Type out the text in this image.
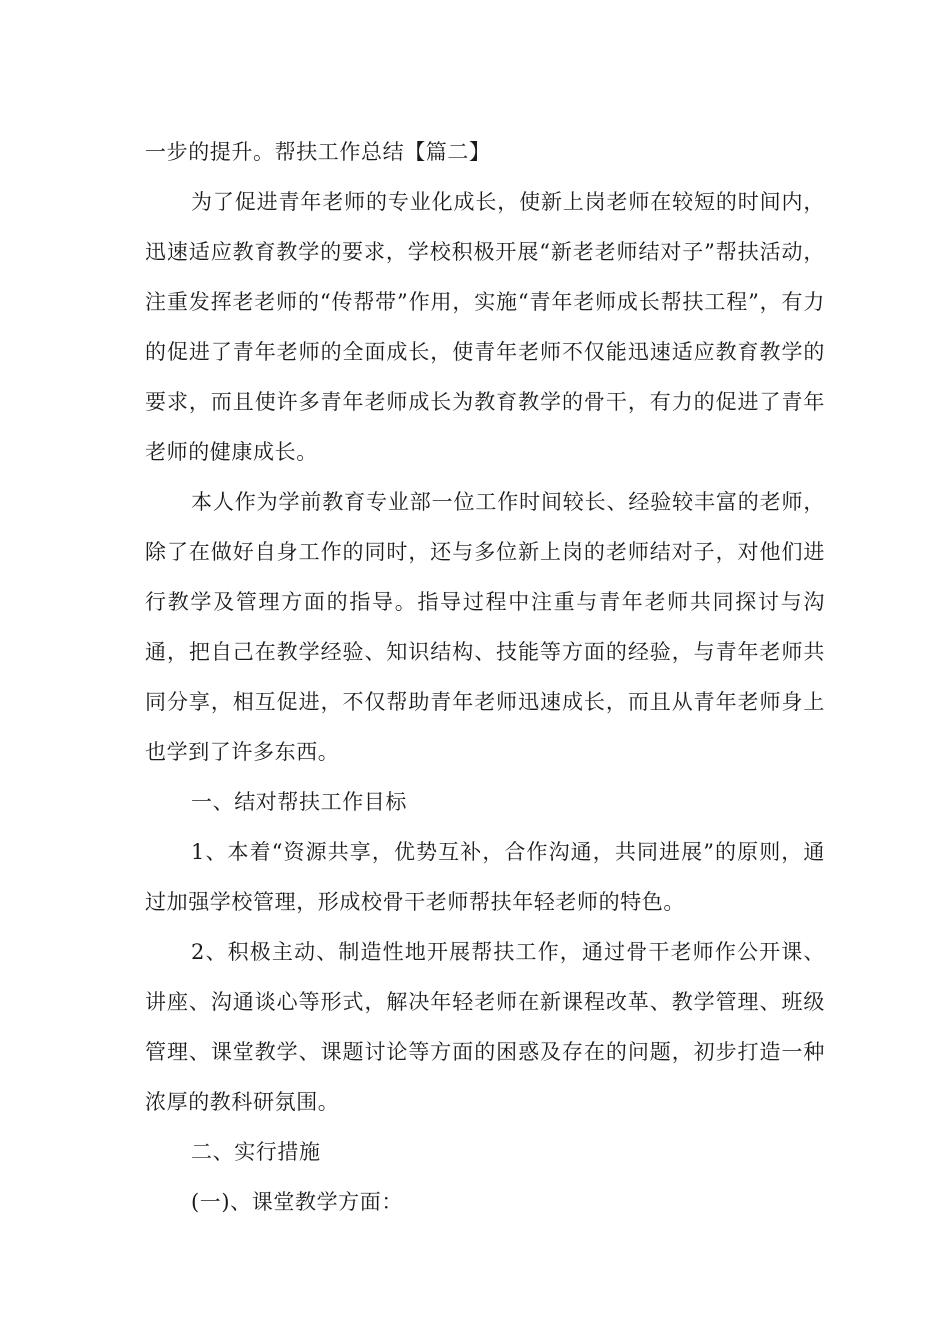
一步的提升。帮扶工作总结【篇二】

为了促进青年老师的专业化成长，使新上岗老师在较短的时间内，迅速适应教育教学的要求，学校积极开展“新老老师结对子”帮扶活动，注重发挥老老师的“传帮带”作用，实施“青年老师成长帮扶工程”，有力的促进了青年老师的全面成长，使青年老师不仅能迅速适应教育教学的要求，而且使许多青年老师成长为教育教学的骨干，有力的促进了青年老师的健康成长。

本人作为学前教育专业部一位工作时间较长、经验较丰富的老师，除了在做好自身工作的同时，还与多位新上岗的老师结对子，对他们进行教学及管理方面的指导。指导过程中注重与青年老师共同探讨与沟通，把自己在教学经验、知识结构、技能等方面的经验，与青年老师共同分享，相互促进，不仅帮助青年老师迅速成长，而且从青年老师身上也学到了许多东西。

一、结对帮扶工作目标

1、本着“资源共享，优势互补，合作沟通，共同进展”的原则，通过加强学校管理，形成校骨干老师帮扶年轻老师的特色。

2、积极主动、制造性地开展帮扶工作，通过骨干老师作公开课、讲座、沟通谈心等形式，解决年轻老师在新课程改革、教学管理、班级管理、课堂教学、课题讨论等方面的困惑及存在的问题，初步打造一种浓厚的教科研氛围。

二、实行措施

(一)、课堂教学方面：
